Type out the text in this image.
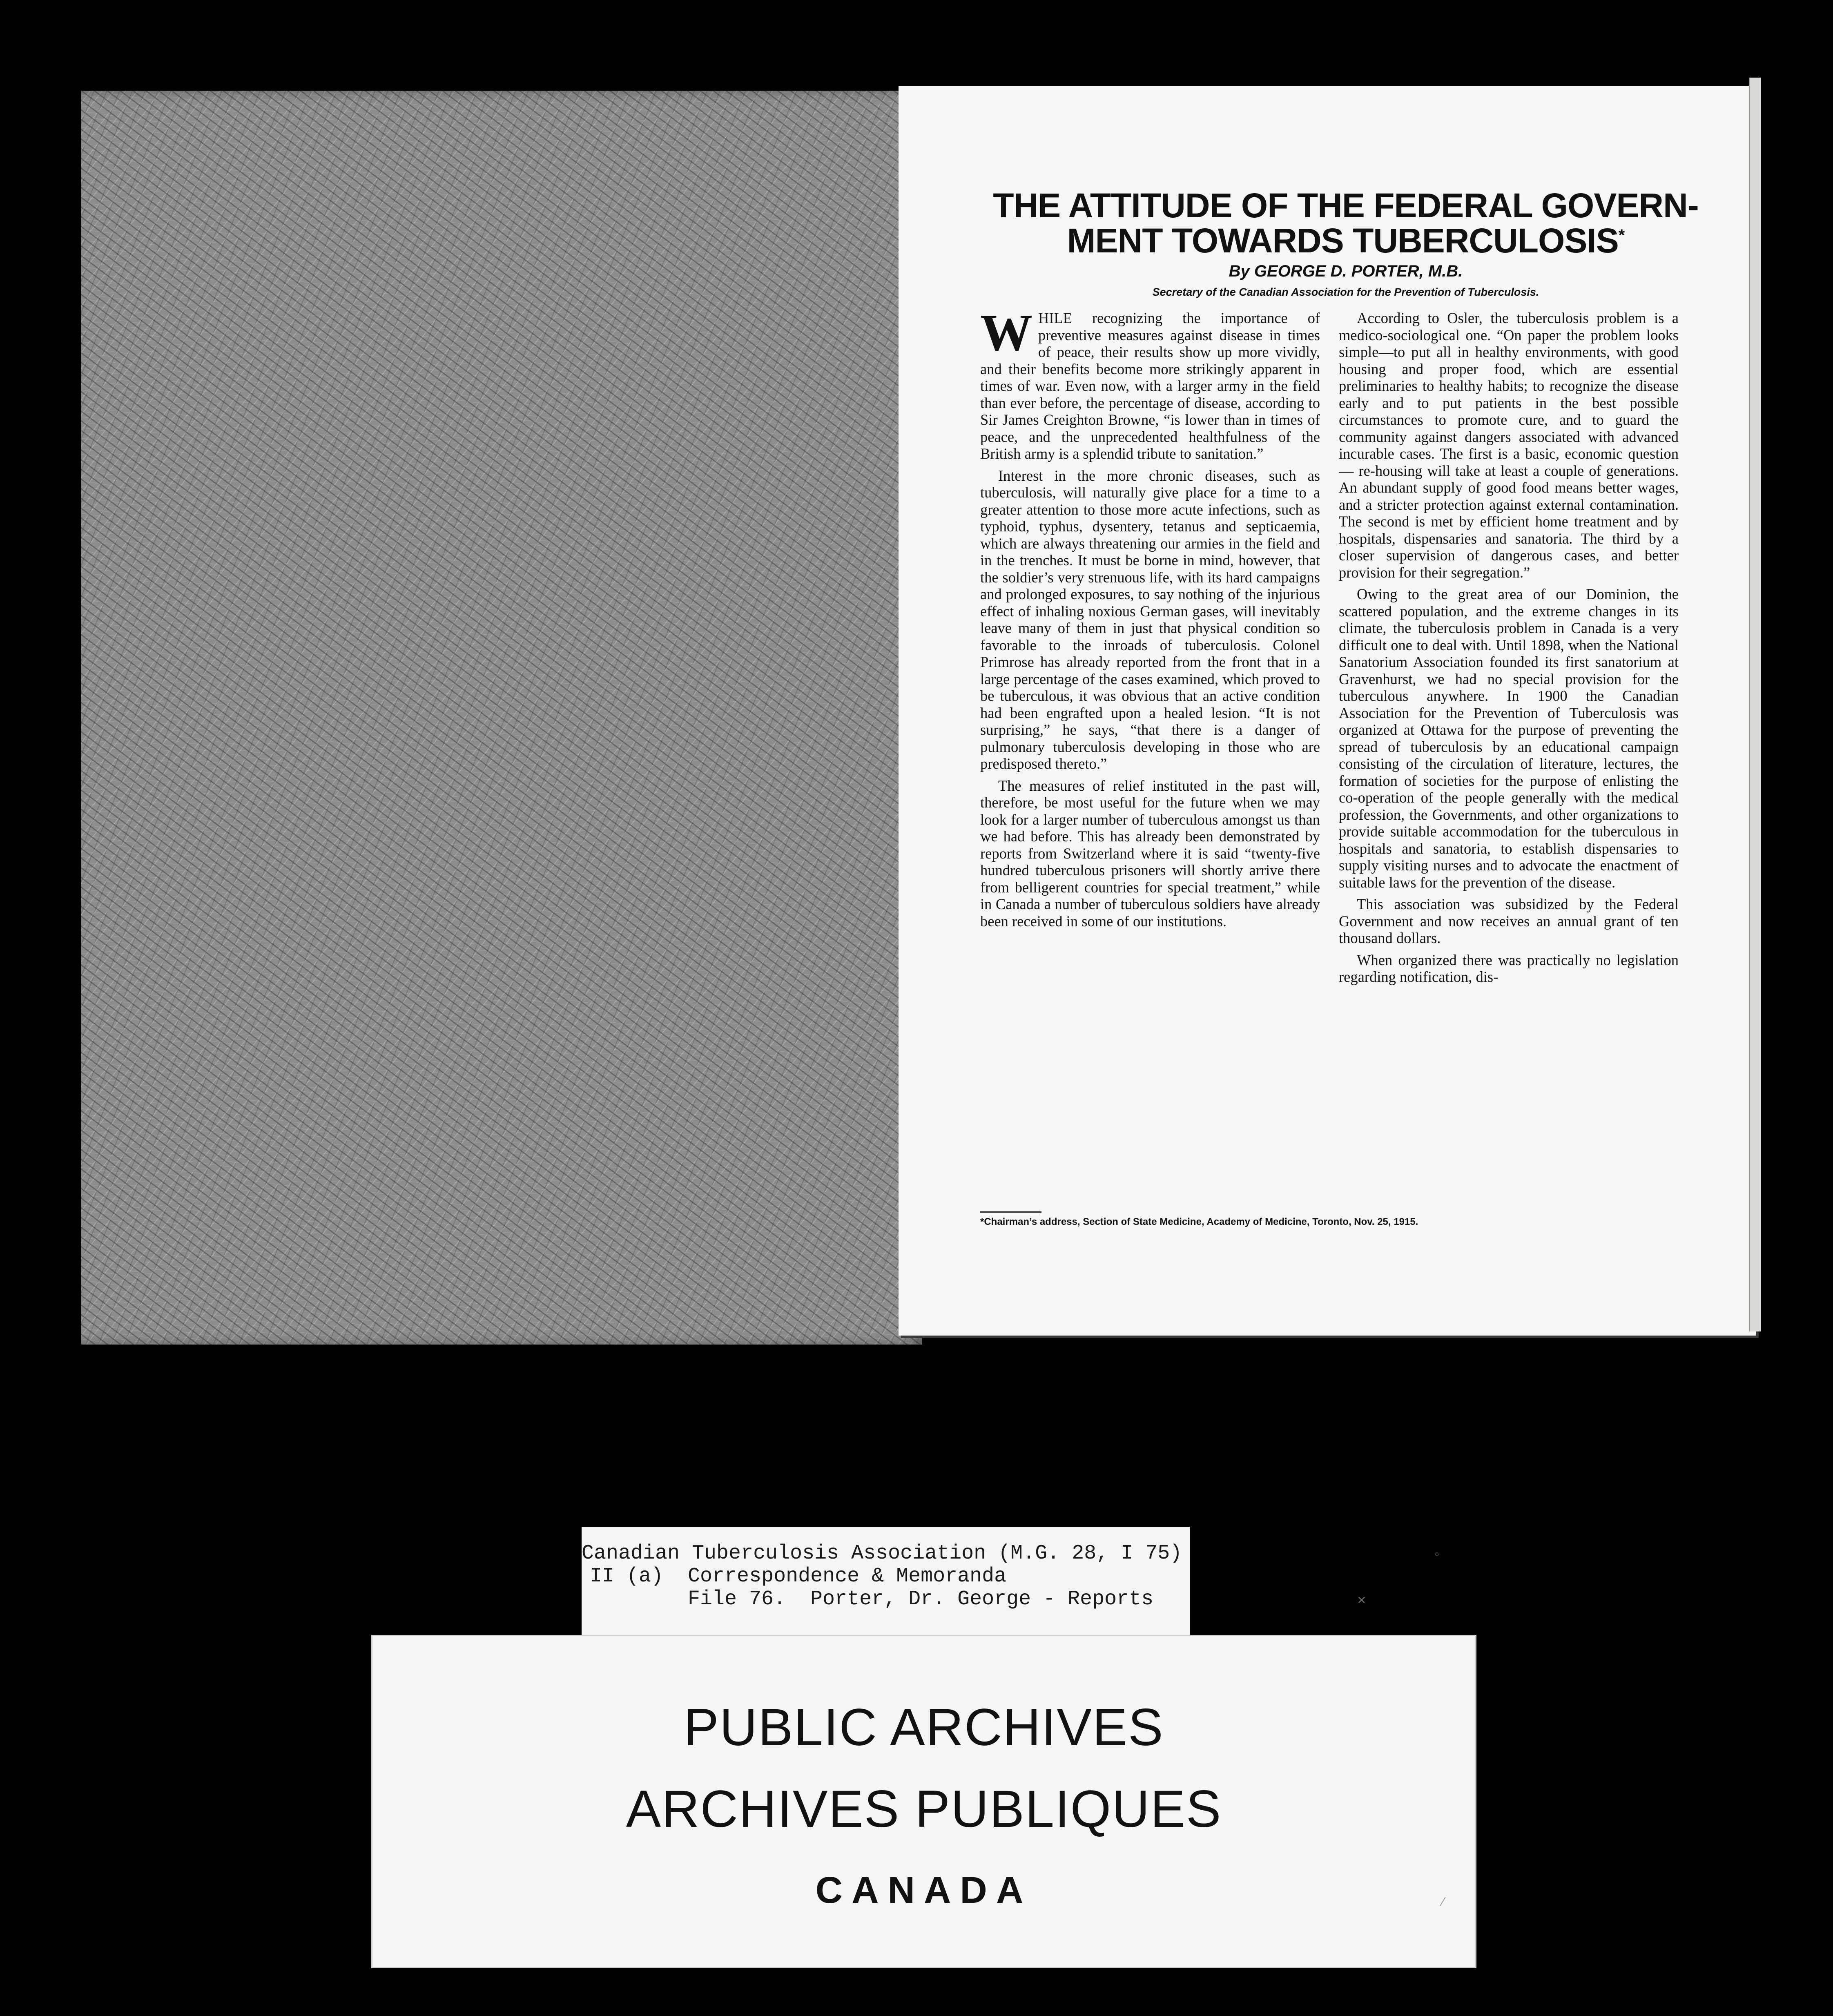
THE ATTITUDE OF THE FEDERAL GOVERN-
MENT TOWARDS TUBERCULOSIS*

By GEORGE D. PORTER, M.B.

Secretary of the Canadian Association for the Prevention of Tuberculosis.

WHILE recognizing the importance of preventive measures against disease in times of peace, their results show up more vividly, and their benefits become more strikingly apparent in times of war. Even now, with a larger army in the field than ever before, the percentage of disease, according to Sir James Creighton Browne, “is lower than in times of peace, and the unprecedented healthfulness of the British army is a splendid tribute to sanitation.”

Interest in the more chronic diseases, such as tuberculosis, will naturally give place for a time to a greater attention to those more acute infections, such as typhoid, typhus, dysentery, tetanus and septicaemia, which are always threatening our armies in the field and in the trenches. It must be borne in mind, however, that the soldier’s very strenuous life, with its hard campaigns and prolonged exposures, to say nothing of the injurious effect of inhaling noxious German gases, will inevitably leave many of them in just that physical condition so favorable to the inroads of tuberculosis. Colonel Primrose has already reported from the front that in a large percentage of the cases examined, which proved to be tuberculous, it was obvious that an active condition had been engrafted upon a healed lesion. “It is not surprising,” he says, “that there is a danger of pulmonary tuberculosis developing in those who are predisposed thereto.”

The measures of relief instituted in the past will, therefore, be most useful for the future when we may look for a larger number of tuberculous amongst us than we had before. This has already been demonstrated by reports from Switzerland where it is said “twenty-five hundred tuberculous prisoners will shortly arrive there from belligerent countries for special treatment,” while in Canada a number of tuberculous soldiers have already been received in some of our institutions.

According to Osler, the tuberculosis problem is a medico-sociological one. “On paper the problem looks simple—to put all in healthy environments, with good housing and proper food, which are essential preliminaries to healthy habits; to recognize the disease early and to put patients in the best possible circumstances to promote cure, and to guard the community against dangers associated with advanced incurable cases. The first is a basic, economic question — re-housing will take at least a couple of generations. An abundant supply of good food means better wages, and a stricter protection against external contamination. The second is met by efficient home treatment and by hospitals, dispensaries and sanatoria. The third by a closer supervision of dangerous cases, and better provision for their segregation.”

Owing to the great area of our Dominion, the scattered population, and the extreme changes in its climate, the tuberculosis problem in Canada is a very difficult one to deal with. Until 1898, when the National Sanatorium Association founded its first sanatorium at Gravenhurst, we had no special provision for the tuberculous anywhere. In 1900 the Canadian Association for the Prevention of Tuberculosis was organized at Ottawa for the purpose of preventing the spread of tuberculosis by an educational campaign consisting of the circulation of literature, lectures, the formation of societies for the purpose of enlisting the co-operation of the people generally with the medical profession, the Governments, and other organizations to provide suitable accommodation for the tuberculous in hospitals and sanatoria, to establish dispensaries to supply visiting nurses and to advocate the enactment of suitable laws for the prevention of the disease.

This association was subsidized by the Federal Government and now receives an annual grant of ten thousand dollars.

When organized there was practically no legislation regarding notification, dis-

*Chairman’s address, Section of State Medicine, Academy of Medicine, Toronto, Nov. 25, 1915.

Canadian Tuberculosis Association (M.G. 28, I 75)
II (a)  Correspondence & Memoranda
File 76.  Porter, Dr. George - Reports
PUBLIC ARCHIVES
ARCHIVES PUBLIQUES
CANADA
◦
×
⁄
